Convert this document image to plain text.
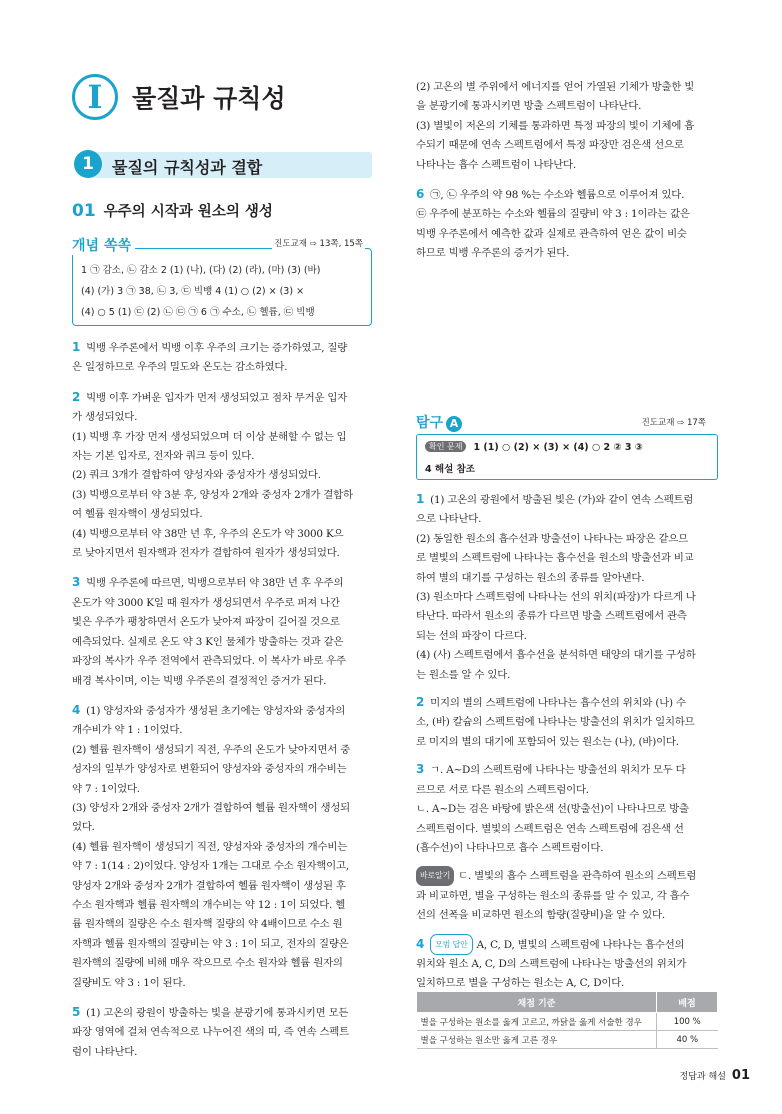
I	물질과 규칙성
1	물질의 규칙성과 결합
01 우주의 시작과 원소의 생성
개념 쏙쏙	진도교재 ⇨ 13쪽, 15쪽
1 ㉠ 감소, ㉡ 감소 2 (1) (나), (다) (2) (라), (마) (3) (바)
(4) (가) 3 ㉠ 38, ㉡ 3, ㉢ 빅뱅 4 (1) ○ (2) × (3) ×
(4) ○ 5 (1) ㉢ (2) ㉡ ㉢ ㉠ 6 ㉠ 수소, ㉡ 헬륨, ㉢ 빅뱅
1 빅뱅 우주론에서 빅뱅 이후 우주의 크기는 증가하였고, 질량
은 일정하므로 우주의 밀도와 온도는 감소하였다.
2 빅뱅 이후 가벼운 입자가 먼저 생성되었고 점차 무거운 입자
가 생성되었다.
(1) 빅뱅 후 가장 먼저 생성되었으며 더 이상 분해할 수 없는 입
자는 기본 입자로, 전자와 쿼크 등이 있다.
(2) 쿼크 3개가 결합하여 양성자와 중성자가 생성되었다.
(3) 빅뱅으로부터 약 3분 후, 양성자 2개와 중성자 2개가 결합하
여 헬륨 원자핵이 생성되었다.
(4) 빅뱅으로부터 약 38만 년 후, 우주의 온도가 약 3000 K으
로 낮아지면서 원자핵과 전자가 결합하여 원자가 생성되었다.
3 빅뱅 우주론에 따르면, 빅뱅으로부터 약 38만 년 후 우주의
온도가 약 3000 K일 때 원자가 생성되면서 우주로 퍼져 나간
빛은 우주가 팽창하면서 온도가 낮아져 파장이 길어질 것으로
예측되었다. 실제로 온도 약 3 K인 물체가 방출하는 것과 같은
파장의 복사가 우주 전역에서 관측되었다. 이 복사가 바로 우주
배경 복사이며, 이는 빅뱅 우주론의 결정적인 증거가 된다.
4 (1) 양성자와 중성자가 생성된 초기에는 양성자와 중성자의
개수비가 약 1 : 1이었다.
(2) 헬륨 원자핵이 생성되기 직전, 우주의 온도가 낮아지면서 중
성자의 일부가 양성자로 변환되어 양성자와 중성자의 개수비는
약 7 : 1이었다.
(3) 양성자 2개와 중성자 2개가 결합하여 헬륨 원자핵이 생성되
었다.
(4) 헬륨 원자핵이 생성되기 직전, 양성자와 중성자의 개수비는
약 7 : 1(14 : 2)이었다. 양성자 1개는 그대로 수소 원자핵이고,
양성자 2개와 중성자 2개가 결합하여 헬륨 원자핵이 생성된 후
수소 원자핵과 헬륨 원자핵의 개수비는 약 12 : 1이 되었다. 헬
륨 원자핵의 질량은 수소 원자핵 질량의 약 4배이므로 수소 원
자핵과 헬륨 원자핵의 질량비는 약 3 : 1이 되고, 전자의 질량은
원자핵의 질량에 비해 매우 작으므로 수소 원자와 헬륨 원자의
질량비도 약 3 : 1이 된다.
5 (1) 고온의 광원이 방출하는 빛을 분광기에 통과시키면 모든
파장 영역에 걸쳐 연속적으로 나누어진 색의 띠, 즉 연속 스펙트
럼이 나타난다.
(2) 고온의 별 주위에서 에너지를 얻어 가열된 기체가 방출한 빛
을 분광기에 통과시키면 방출 스펙트럼이 나타난다.
(3) 별빛이 저온의 기체를 통과하면 특정 파장의 빛이 기체에 흡
수되기 때문에 연속 스펙트럼에서 특정 파장만 검은색 선으로
나타나는 흡수 스펙트럼이 나타난다.
6 ㉠, ㉡ 우주의 약 98 %는 수소와 헬륨으로 이루어져 있다.
㉢ 우주에 분포하는 수소와 헬륨의 질량비 약 3 : 1이라는 값은
빅뱅 우주론에서 예측한 값과 실제로 관측하여 얻은 값이 비슷
하므로 빅뱅 우주론의 증거가 된다.
탐구 A	진도교재 ⇨ 17쪽
확인 문제 1 (1) ○ (2) × (3) × (4) ○ 2 ② 3 ③
4 해설 참조
1 (1) 고온의 광원에서 방출된 빛은 (가)와 같이 연속 스펙트럼
으로 나타난다.
(2) 동일한 원소의 흡수선과 방출선이 나타나는 파장은 같으므
로 별빛의 스펙트럼에 나타나는 흡수선을 원소의 방출선과 비교
하여 별의 대기를 구성하는 원소의 종류를 알아낸다.
(3) 원소마다 스펙트럼에 나타나는 선의 위치(파장)가 다르게 나
타난다. 따라서 원소의 종류가 다르면 방출 스펙트럼에서 관측
되는 선의 파장이 다르다.
(4) (사) 스펙트럼에서 흡수선을 분석하면 태양의 대기를 구성하
는 원소를 알 수 있다.
2 미지의 별의 스펙트럼에 나타나는 흡수선의 위치와 (나) 수
소, (바) 칼슘의 스펙트럼에 나타나는 방출선의 위치가 일치하므
로 미지의 별의 대기에 포함되어 있는 원소는 (나), (바)이다.
3 ㄱ. A~D의 스펙트럼에 나타나는 방출선의 위치가 모두 다
르므로 서로 다른 원소의 스펙트럼이다.
ㄴ. A~D는 검은 바탕에 밝은색 선(방출선)이 나타나므로 방출
스펙트럼이다. 별빛의 스펙트럼은 연속 스펙트럼에 검은색 선
(흡수선)이 나타나므로 흡수 스펙트럼이다.
바로알기 ㄷ. 별빛의 흡수 스펙트럼을 관측하여 원소의 스펙트럼
과 비교하면, 별을 구성하는 원소의 종류를 알 수 있고, 각 흡수
선의 선폭을 비교하면 원소의 함량(질량비)을 알 수 있다.
4 모범 답안 A, C, D, 별빛의 스펙트럼에 나타나는 흡수선의
위치와 원소 A, C, D의 스펙트럼에 나타나는 방출선의 위치가
일치하므로 별을 구성하는 원소는 A, C, D이다.
채점 기준	배점
별을 구성하는 원소를 옳게 고르고, 까닭을 옳게 서술한 경우	100 %
별을 구성하는 원소만 옳게 고른 경우	40 %
정답과 해설 01
